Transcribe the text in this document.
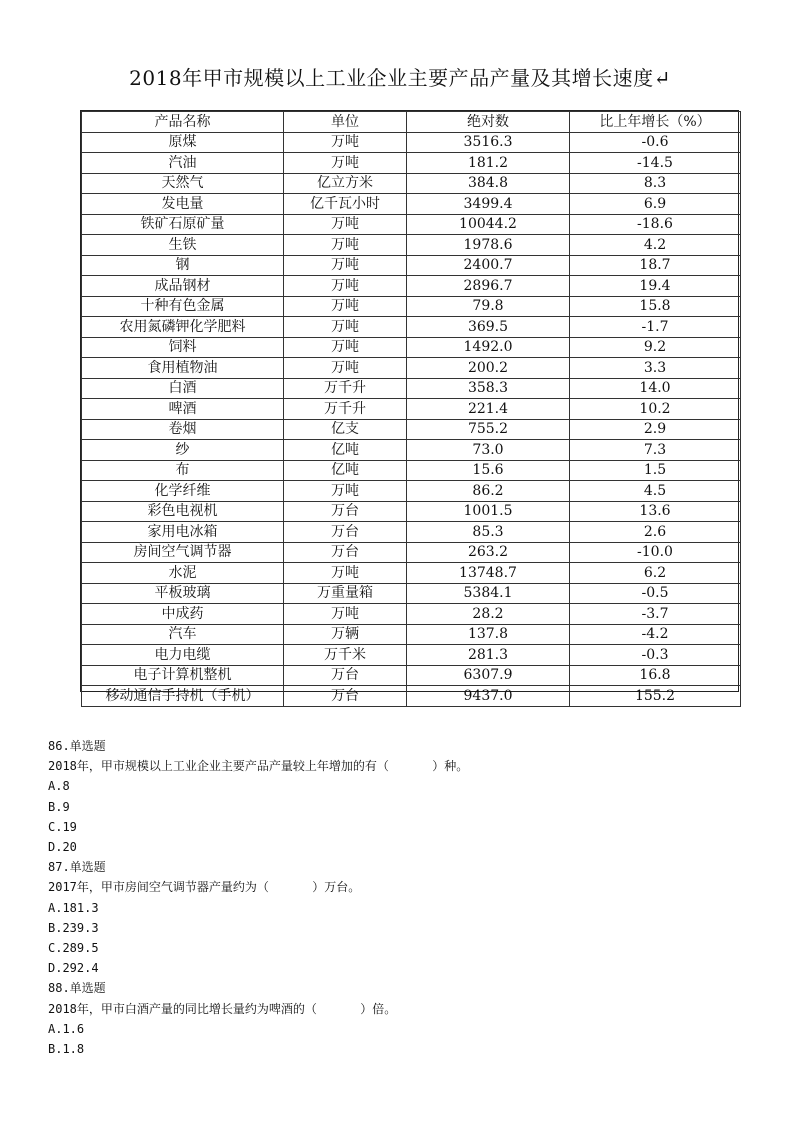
2018年甲市规模以上工业企业主要产品产量及其增长速度↵
产品名称	单位	绝对数	比上年增长（%）
原煤	万吨	3516.3	-0.6
汽油	万吨	181.2	-14.5
天然气	亿立方米	384.8	8.3
发电量	亿千瓦小时	3499.4	6.9
铁矿石原矿量	万吨	10044.2	-18.6
生铁	万吨	1978.6	4.2
钢	万吨	2400.7	18.7
成品钢材	万吨	2896.7	19.4
十种有色金属	万吨	79.8	15.8
农用氮磷钾化学肥料	万吨	369.5	-1.7
饲料	万吨	1492.0	9.2
食用植物油	万吨	200.2	3.3
白酒	万千升	358.3	14.0
啤酒	万千升	221.4	10.2
卷烟	亿支	755.2	2.9
纱	亿吨	73.0	7.3
布	亿吨	15.6	1.5
化学纤维	万吨	86.2	4.5
彩色电视机	万台	1001.5	13.6
家用电冰箱	万台	85.3	2.6
房间空气调节器	万台	263.2	-10.0
水泥	万吨	13748.7	6.2
平板玻璃	万重量箱	5384.1	-0.5
中成药	万吨	28.2	-3.7
汽车	万辆	137.8	-4.2
电力电缆	万千米	281.3	-0.3
电子计算机整机	万台	6307.9	16.8
移动通信手持机（手机）	万台	9437.0	155.2
86.单选题
2018年，甲市规模以上工业企业主要产品产量较上年增加的有（      ）种。
A.8
B.9
C.19
D.20
87.单选题
2017年，甲市房间空气调节器产量约为（      ）万台。
A.181.3
B.239.3
C.289.5
D.292.4
88.单选题
2018年，甲市白酒产量的同比增长量约为啤酒的（      ）倍。
A.1.6
B.1.8
